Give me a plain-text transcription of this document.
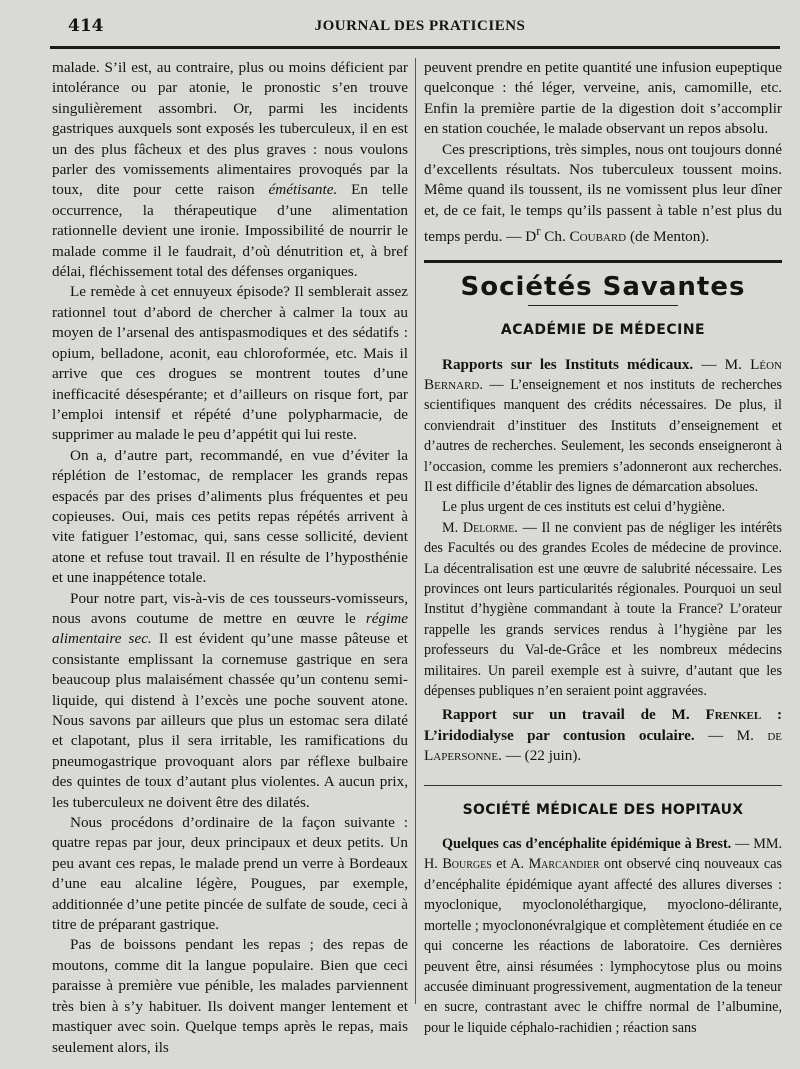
414	JOURNAL DES PRATICIENS

malade. S’il est, au contraire, plus ou moins déficient par intolérance ou par atonie, le pronostic s’en trouve singulièrement assombri. Or, parmi les incidents gastriques auxquels sont exposés les tuberculeux, il en est un des plus fâcheux et des plus graves : nous voulons parler des vomissements alimentaires provoqués par la toux, dite pour cette raison émétisante. En telle occurrence, la thérapeutique d’une alimentation rationnelle devient une ironie. Impossibilité de nourrir le malade comme il le faudrait, d’où dénutrition et, à bref délai, fléchissement total des défenses organiques.

Le remède à cet ennuyeux épisode? Il semblerait assez rationnel tout d’abord de chercher à calmer la toux au moyen de l’arsenal des antispasmodiques et des sédatifs : opium, belladone, aconit, eau chloroformée, etc. Mais il arrive que ces drogues se montrent toutes d’une inefficacité désespérante; et d’ailleurs on risque fort, par l’emploi intensif et répété d’une polypharmacie, de supprimer au malade le peu d’appétit qui lui reste.

On a, d’autre part, recommandé, en vue d’éviter la réplétion de l’estomac, de remplacer les grands repas espacés par des prises d’aliments plus fréquentes et peu copieuses. Oui, mais ces petits repas répétés arrivent à vite fatiguer l’estomac, qui, sans cesse sollicité, devient atone et refuse tout travail. Il en résulte de l’hyposthénie et une inappétence totale.

Pour notre part, vis-à-vis de ces tousseurs-vomisseurs, nous avons coutume de mettre en œuvre le régime alimentaire sec. Il est évident qu’une masse pâteuse et consistante emplissant la cornemuse gastrique en sera beaucoup plus malaisément chassée qu’un contenu semi-liquide, qui distend à l’excès une poche souvent atone. Nous savons par ailleurs que plus un estomac sera dilaté et clapotant, plus il sera irritable, les ramifications du pneumogastrique provoquant alors par réflexe bulbaire des quintes de toux d’autant plus violentes. A aucun prix, les tuberculeux ne doivent être des dilatés.

Nous procédons d’ordinaire de la façon suivante : quatre repas par jour, deux principaux et deux petits. Un peu avant ces repas, le malade prend un verre à Bordeaux d’une eau alcaline légère, Pougues, par exemple, additionnée d’une petite pincée de sulfate de soude, ceci à titre de préparant gastrique.

Pas de boissons pendant les repas ; des repas de moutons, comme dit la langue populaire. Bien que ceci paraisse à première vue pénible, les malades parviennent très bien à s’y habituer. Ils doivent manger lentement et mastiquer avec soin. Quelque temps après le repas, mais seulement alors, ils

peuvent prendre en petite quantité une infusion eupeptique quelconque : thé léger, verveine, anis, camomille, etc. Enfin la première partie de la digestion doit s’accomplir en station couchée, le malade observant un repos absolu.

Ces prescriptions, très simples, nous ont toujours donné d’excellents résultats. Nos tuberculeux toussent moins. Même quand ils toussent, ils ne vomissent plus leur dîner et, de ce fait, le temps qu’ils passent à table n’est plus du temps perdu. — $D^r$ Ch. Coubard (de Menton).

Sociétés Savantes
ACADÉMIE DE MÉDECINE

Rapports sur les Instituts médicaux. — M. Léon Bernard. — L’enseignement et nos instituts de recherches scientifiques manquent des crédits nécessaires. De plus, il conviendrait d’instituer des Instituts d’enseignement et d’autres de recherches. Seulement, les seconds enseigneront à l’occasion, comme les premiers s’adonneront aux recherches. Il est difficile d’établir des lignes de démarcation absolues.

Le plus urgent de ces instituts est celui d’hygiène.

M. Delorme. — Il ne convient pas de négliger les intérêts des Facultés ou des grandes Ecoles de médecine de province. La décentralisation est une œuvre de salubrité nécessaire. Les provinces ont leurs particularités régionales. Pourquoi un seul Institut d’hygiène commandant à toute la France? L’orateur rappelle les grands services rendus à l’hygiène par les professeurs du Val-de-Grâce et les nombreux médecins militaires. Un pareil exemple est à suivre, d’autant que les dépenses publiques n’en seraient point aggravées.

Rapport sur un travail de M. Frenkel : L’iridodialyse par contusion oculaire. — M. de Lapersonne. — (22 juin).

SOCIÉTÉ MÉDICALE DES HOPITAUX

Quelques cas d’encéphalite épidémique à Brest. — MM. H. Bourges et A. Marcandier ont observé cinq nouveaux cas d’encéphalite épidémique ayant affecté des allures diverses : myoclonique, myoclonoléthargique, myoclono-délirante, mortelle ; myoclononévralgique et complètement étudiée en ce qui concerne les réactions de laboratoire. Ces dernières peuvent être, ainsi résumées : lymphocytose plus ou moins accusée diminuant progressivement, augmentation de la teneur en sucre, contrastant avec le chiffre normal de l’albumine, pour le liquide céphalo-rachidien ; réaction sans
